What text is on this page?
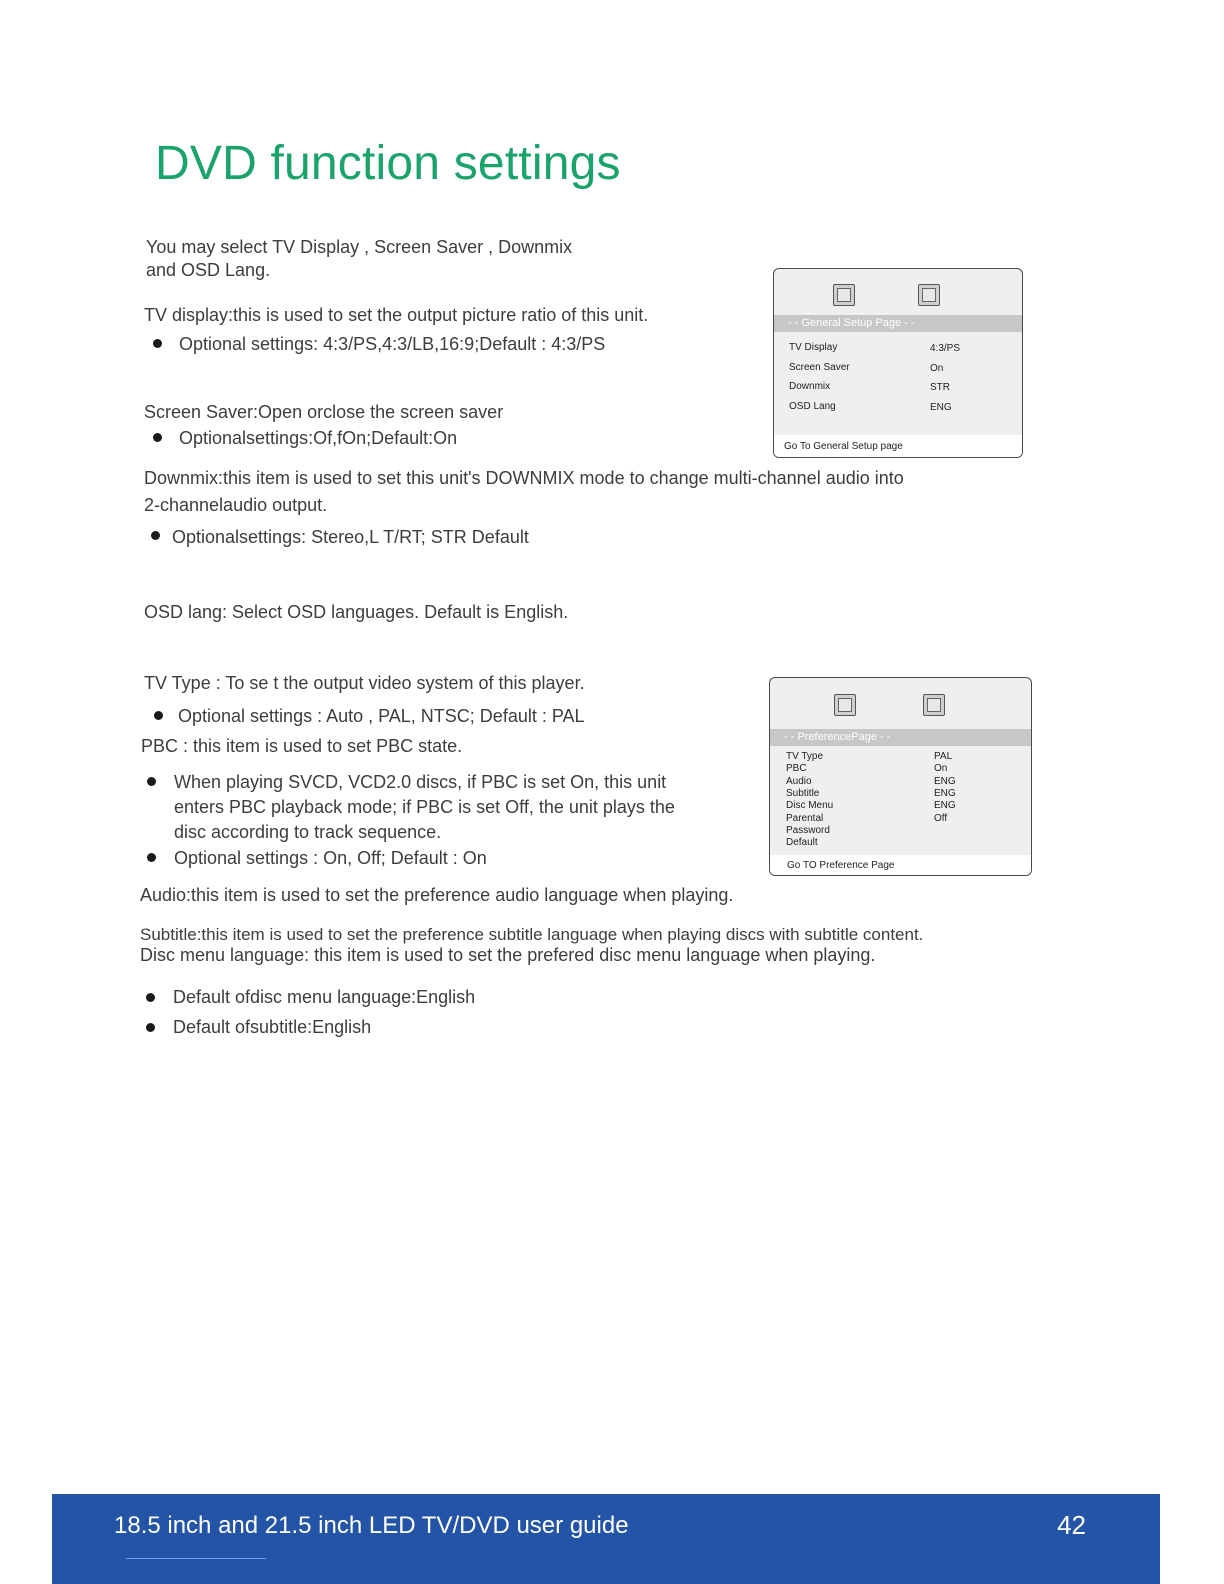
DVD function settings
You may select TV Display , Screen Saver , Downmix
and OSD Lang.
TV display:this is used to set the output picture ratio of this unit.
Optional settings: 4:3/PS,4:3/LB,16:9;Default : 4:3/PS
Screen Saver:Open orclose the screen saver
Optionalsettings:Of,fOn;Default:On
Downmix:this item is used to set this unit's DOWNMIX mode to change multi-channel audio into
2-channelaudio output.
Optionalsettings: Stereo,L T/RT; STR Default
OSD lang: Select OSD languages. Default is English.
TV Type : To se t the output video system of this player.
Optional settings : Auto , PAL, NTSC; Default : PAL
PBC : this item is used to set PBC state.
When playing SVCD, VCD2.0 discs, if PBC is set On, this unit
enters PBC playback mode; if PBC is set Off, the unit plays the
disc according to track sequence.
Optional settings : On, Off; Default : On
Audio:this item is used to set the preference audio language when playing.
Subtitle:this item is used to set the preference subtitle language when playing discs with subtitle content.
Disc menu language: this item is used to set the prefered disc menu language when playing.
Default ofdisc menu language:English
Default ofsubtitle:English
- - General Setup Page - -
TV Display	4:3/PS
Screen Saver	On
Downmix	STR
OSD Lang	ENG
Go To General Setup page
- - PreferencePage - -
TV Type	PAL
PBC	On
Audio	ENG
Subtitle	ENG
Disc Menu	ENG
Parental	Off
Password
Default
Go TO Preference Page
18.5 inch and 21.5 inch LED TV/DVD user guide	42
